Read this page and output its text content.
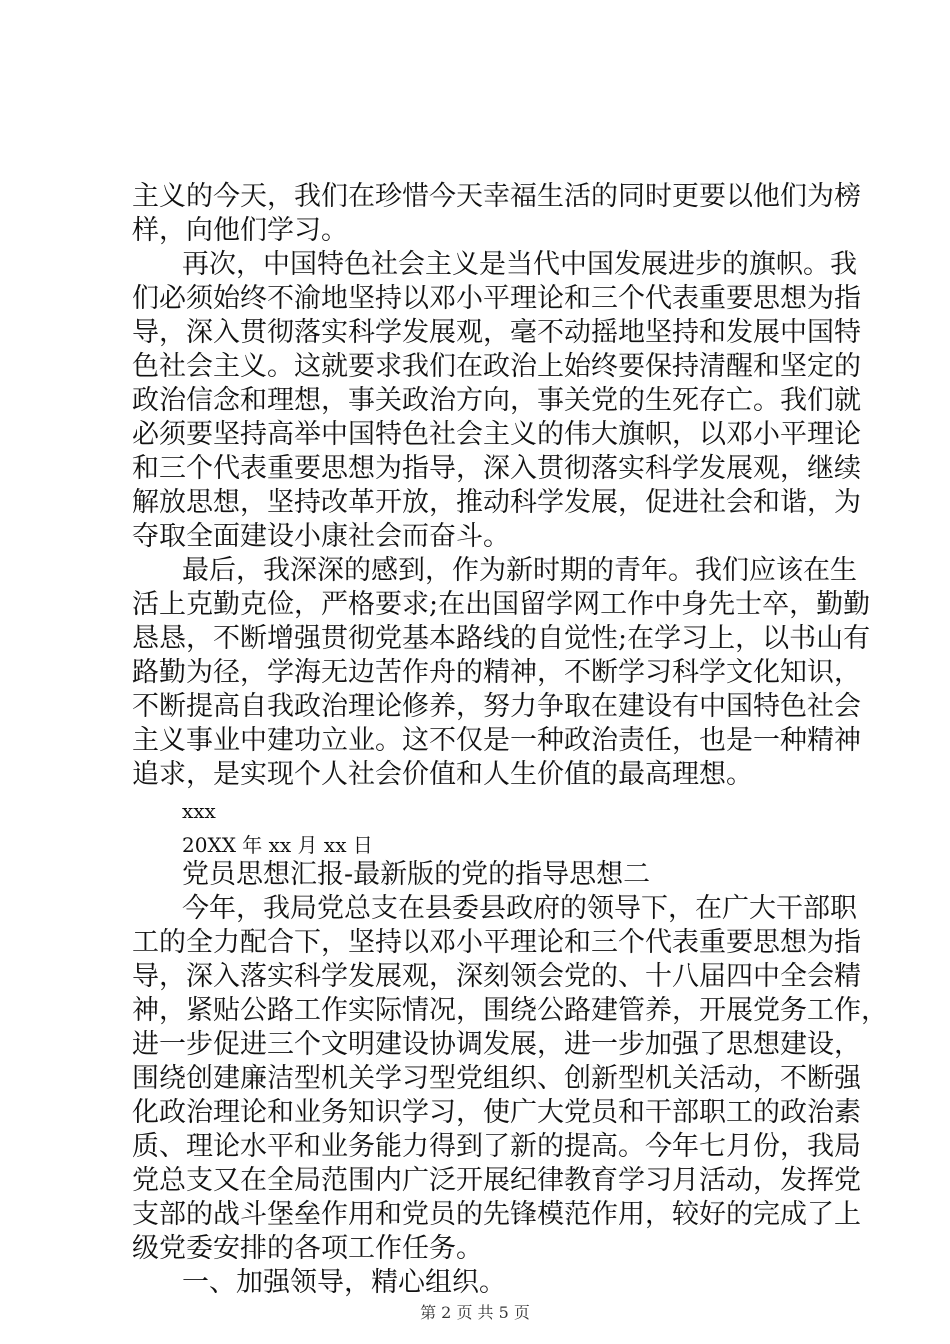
主义的今天，我们在珍惜今天幸福生活的同时更要以他们为榜
样，向他们学习。
再次，中国特色社会主义是当代中国发展进步的旗帜。我
们必须始终不渝地坚持以邓小平理论和三个代表重要思想为指
导，深入贯彻落实科学发展观，毫不动摇地坚持和发展中国特
色社会主义。这就要求我们在政治上始终要保持清醒和坚定的
政治信念和理想，事关政治方向，事关党的生死存亡。我们就
必须要坚持高举中国特色社会主义的伟大旗帜，以邓小平理论
和三个代表重要思想为指导，深入贯彻落实科学发展观，继续
解放思想，坚持改革开放，推动科学发展，促进社会和谐，为
夺取全面建设小康社会而奋斗。
最后，我深深的感到，作为新时期的青年。我们应该在生
活上克勤克俭，严格要求;在出国留学网工作中身先士卒，勤勤
恳恳，不断增强贯彻党基本路线的自觉性;在学习上，以书山有
路勤为径，学海无边苦作舟的精神，不断学习科学文化知识，
不断提高自我政治理论修养，努力争取在建设有中国特色社会
主义事业中建功立业。这不仅是一种政治责任，也是一种精神
追求，是实现个人社会价值和人生价值的最高理想。
xxx
20XX 年 xx 月 xx 日
党员思想汇报-最新版的党的指导思想二
今年，我局党总支在县委县政府的领导下，在广大干部职
工的全力配合下，坚持以邓小平理论和三个代表重要思想为指
导，深入落实科学发展观，深刻领会党的、十八届四中全会精
神，紧贴公路工作实际情况，围绕公路建管养，开展党务工作，
进一步促进三个文明建设协调发展，进一步加强了思想建设，
围绕创建廉洁型机关学习型党组织、创新型机关活动，不断强
化政治理论和业务知识学习，使广大党员和干部职工的政治素
质、理论水平和业务能力得到了新的提高。今年七月份，我局
党总支又在全局范围内广泛开展纪律教育学习月活动，发挥党
支部的战斗堡垒作用和党员的先锋模范作用，较好的完成了上
级党委安排的各项工作任务。
一、加强领导，精心组织。
第 2 页 共 5 页
